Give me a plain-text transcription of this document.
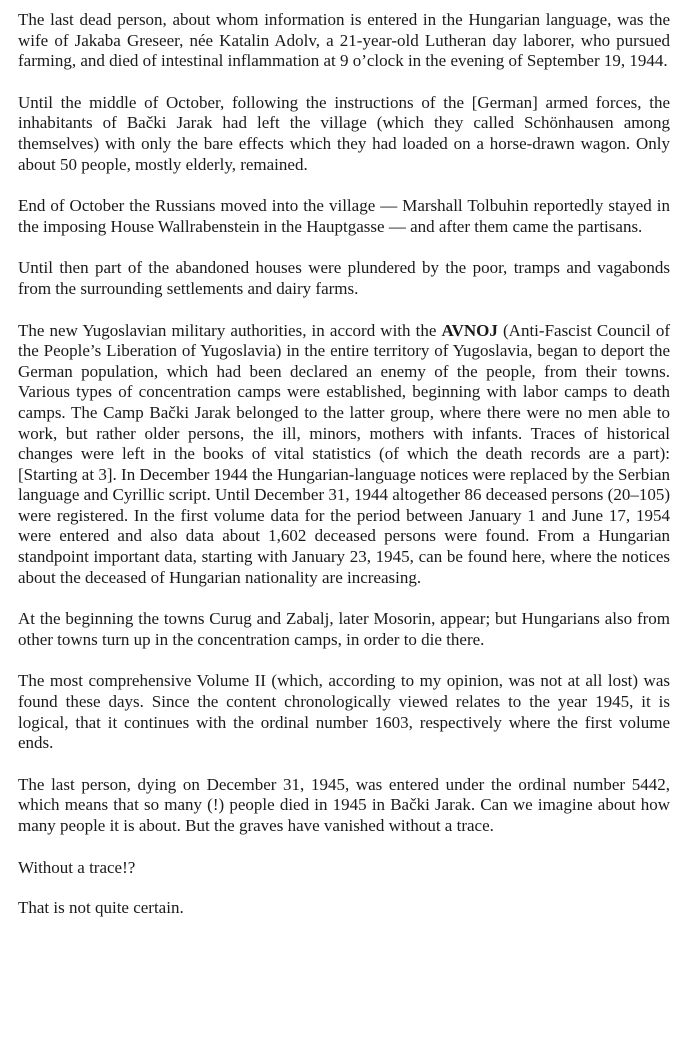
The last dead person, about whom information is entered in the Hungarian language, was the wife of Jakaba Greseer, née Katalin Adolv, a 21-year-old Lutheran day laborer, who pursued farming, and died of intestinal inflammation at 9 o’clock in the evening of September 19, 1944.

Until the middle of October, following the instructions of the [German] armed forces, the inhabitants of Bački Jarak had left the village (which they called Schönhausen among themselves) with only the bare effects which they had loaded on a horse-drawn wagon. Only about 50 people, mostly elderly, remained.

End of October the Russians moved into the village — Marshall Tolbuhin reportedly stayed in the imposing House Wallrabenstein in the Hauptgasse — and after them came the partisans.

Until then part of the abandoned houses were plundered by the poor, tramps and vagabonds from the surrounding settlements and dairy farms.

The new Yugoslavian military authorities, in accord with the AVNOJ (Anti-Fascist Council of the People’s Liberation of Yugoslavia) in the entire territory of Yugoslavia, began to deport the German population, which had been declared an enemy of the people, from their towns. Various types of concentration camps were established, beginning with labor camps to death camps. The Camp Bački Jarak belonged to the latter group, where there were no men able to work, but rather older persons, the ill, minors, mothers with infants. Traces of historical changes were left in the books of vital statistics (of which the death records are a part): [Starting at 3]. In December 1944 the Hungarian-language notices were replaced by the Serbian language and Cyrillic script. Until December 31, 1944 altogether 86 deceased persons (20–105) were registered. In the first volume data for the period between January 1 and June 17, 1954 were entered and also data about 1,602 deceased persons were found. From a Hungarian standpoint important data, starting with January 23, 1945, can be found here, where the notices about the deceased of Hungarian nationality are increasing.

At the beginning the towns Curug and Zabalj, later Mosorin, appear; but Hungarians also from other towns turn up in the concentration camps, in order to die there.

The most comprehensive Volume II (which, according to my opinion, was not at all lost) was found these days. Since the content chronologically viewed relates to the year 1945, it is logical, that it continues with the ordinal number 1603, respectively where the first volume ends.

The last person, dying on December 31, 1945, was entered under the ordinal number 5442, which means that so many (!) people died in 1945 in Bački Jarak. Can we imagine about how many people it is about. But the graves have vanished without a trace.

Without a trace!?

That is not quite certain.
